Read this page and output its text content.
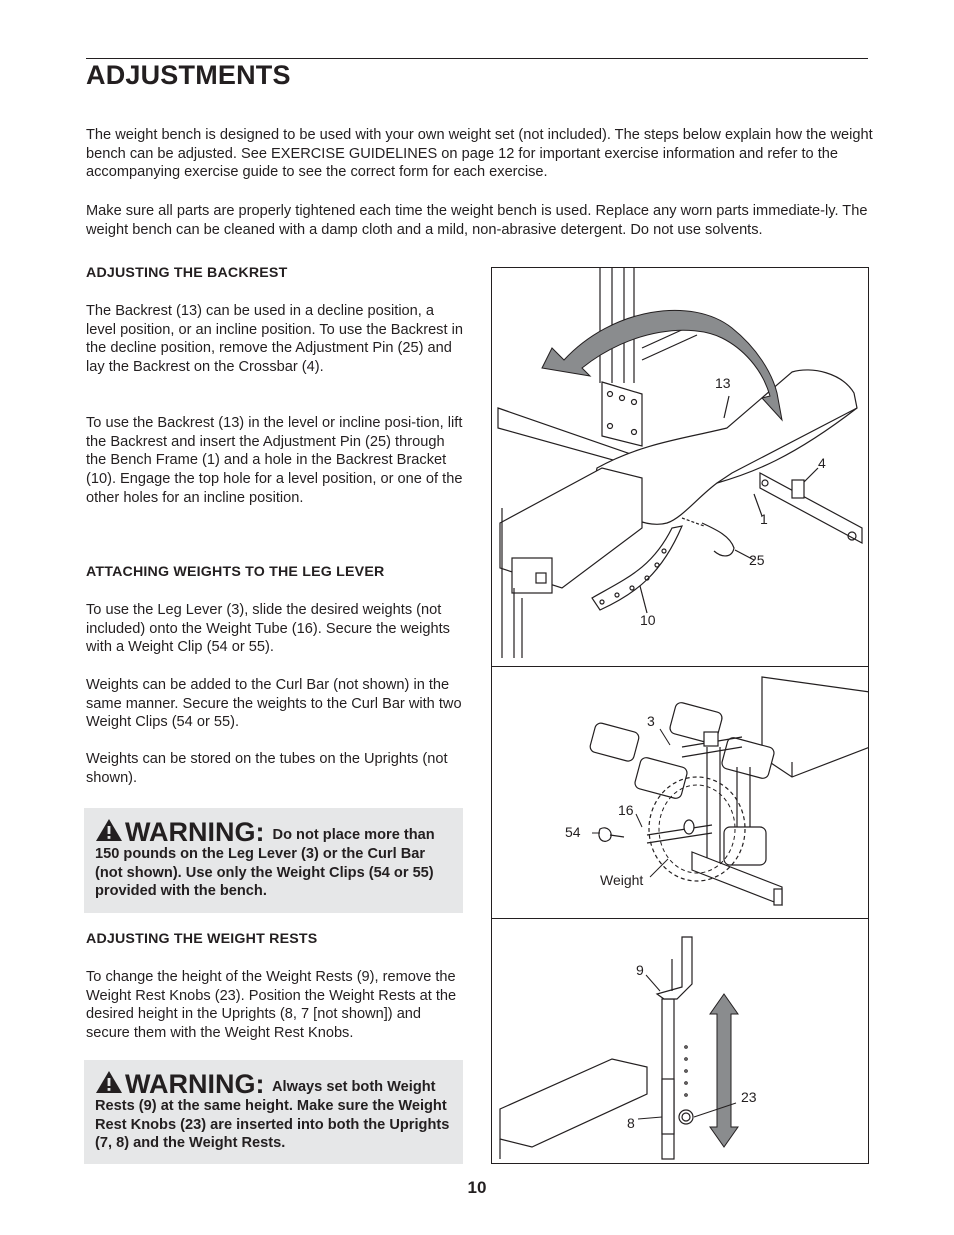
ADJUSTMENTS

The weight bench is designed to be used with your own weight set (not included). The steps below explain how the weight bench can be adjusted. See EXERCISE GUIDELINES on page 12 for important exercise information and refer to the accompanying exercise guide to see the correct form for each exercise.

Make sure all parts are properly tightened each time the weight bench is used. Replace any worn parts immediate-ly. The weight bench can be cleaned with a damp cloth and a mild, non-abrasive detergent. Do not use solvents.

ADJUSTING THE BACKREST

The Backrest (13) can be used in a decline position, a level position, or an incline position. To use the Backrest in the decline position, remove the Adjustment Pin (25) and lay the Backrest on the Crossbar (4).

To use the Backrest (13) in the level or incline posi-tion, lift the Backrest and insert the Adjustment Pin (25) through the Bench Frame (1) and a hole in the Backrest Bracket (10). Engage the top hole for a level position, or one of the other holes for an incline position.

ATTACHING WEIGHTS TO THE LEG LEVER

To use the Leg Lever (3), slide the desired weights (not included) onto the Weight Tube (16). Secure the weights with a Weight Clip (54 or 55).

Weights can be added to the Curl Bar (not shown) in the same manner. Secure the weights to the Curl Bar with two Weight Clips (54 or 55).

Weights can be stored on the tubes on the Uprights (not shown).

WARNING: Do not place more than 150 pounds on the Leg Lever (3) or the Curl Bar (not shown). Use only the Weight Clips (54 or 55) provided with the bench.
ADJUSTING THE WEIGHT RESTS

To change the height of the Weight Rests (9), remove the Weight Rest Knobs (23). Position the Weight Rests at the desired height in the Uprights (8, 7 [not shown]) and secure them with the Weight Rest Knobs.

WARNING: Always set both Weight Rests (9) at the same height. Make sure the Weight Rest Knobs (23) are inserted into both the Uprights (7, 8) and the Weight Rests.
13
4
1
25
10
3
16
54
Weight
9
23
8
10
